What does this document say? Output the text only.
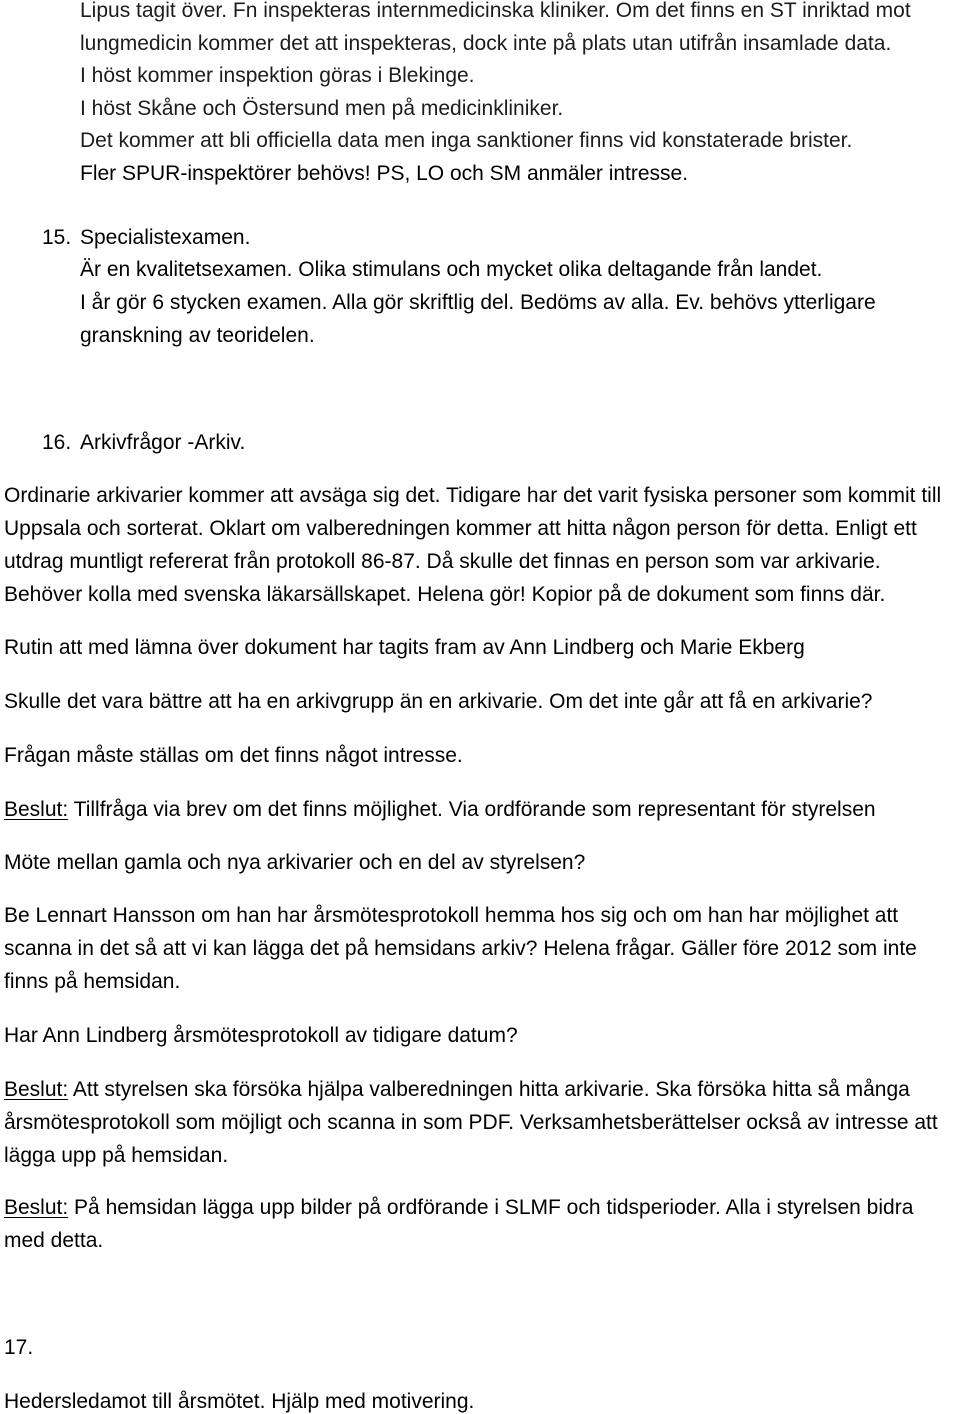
Lipus tagit över. Fn inspekteras internmedicinska kliniker. Om det finns en ST inriktad mot
lungmedicin kommer det att inspekteras, dock inte på plats utan utifrån insamlade data.
I höst kommer inspektion göras i Blekinge.
I höst Skåne och Östersund men på medicinkliniker.
Det kommer att bli officiella data men inga sanktioner finns vid konstaterade brister.
Fler SPUR-inspektörer behövs! PS, LO och SM anmäler intresse.
15. Specialistexamen.
Är en kvalitetsexamen. Olika stimulans och mycket olika deltagande från landet.
I år gör 6 stycken examen. Alla gör skriftlig del. Bedöms av alla. Ev. behövs ytterligare
granskning av teoridelen.
16. Arkivfrågor -Arkiv.
Ordinarie arkivarier kommer att avsäga sig det. Tidigare har det varit fysiska personer som kommit till
Uppsala och sorterat. Oklart om valberedningen kommer att hitta någon person för detta. Enligt ett
utdrag muntligt refererat från protokoll 86-87. Då skulle det finnas en person som var arkivarie.
Behöver kolla med svenska läkarsällskapet. Helena gör! Kopior på de dokument som finns där.
Rutin att med lämna över dokument har tagits fram av Ann Lindberg och Marie Ekberg
Skulle det vara bättre att ha en arkivgrupp än en arkivarie. Om det inte går att få en arkivarie?
Frågan måste ställas om det finns något intresse.
Beslut: Tillfråga via brev om det finns möjlighet. Via ordförande som representant för styrelsen
Möte mellan gamla och nya arkivarier och en del av styrelsen?
Be Lennart Hansson om han har årsmötesprotokoll hemma hos sig och om han har möjlighet att
scanna in det så att vi kan lägga det på hemsidans arkiv? Helena frågar. Gäller före 2012 som inte
finns på hemsidan.
Har Ann Lindberg årsmötesprotokoll av tidigare datum?
Beslut: Att styrelsen ska försöka hjälpa valberedningen hitta arkivarie. Ska försöka hitta så många
årsmötesprotokoll som möjligt och scanna in som PDF. Verksamhetsberättelser också av intresse att
lägga upp på hemsidan.
Beslut: På hemsidan lägga upp bilder på ordförande i SLMF och tidsperioder. Alla i styrelsen bidra
med detta.
17.
Hedersledamot till årsmötet. Hjälp med motivering.
